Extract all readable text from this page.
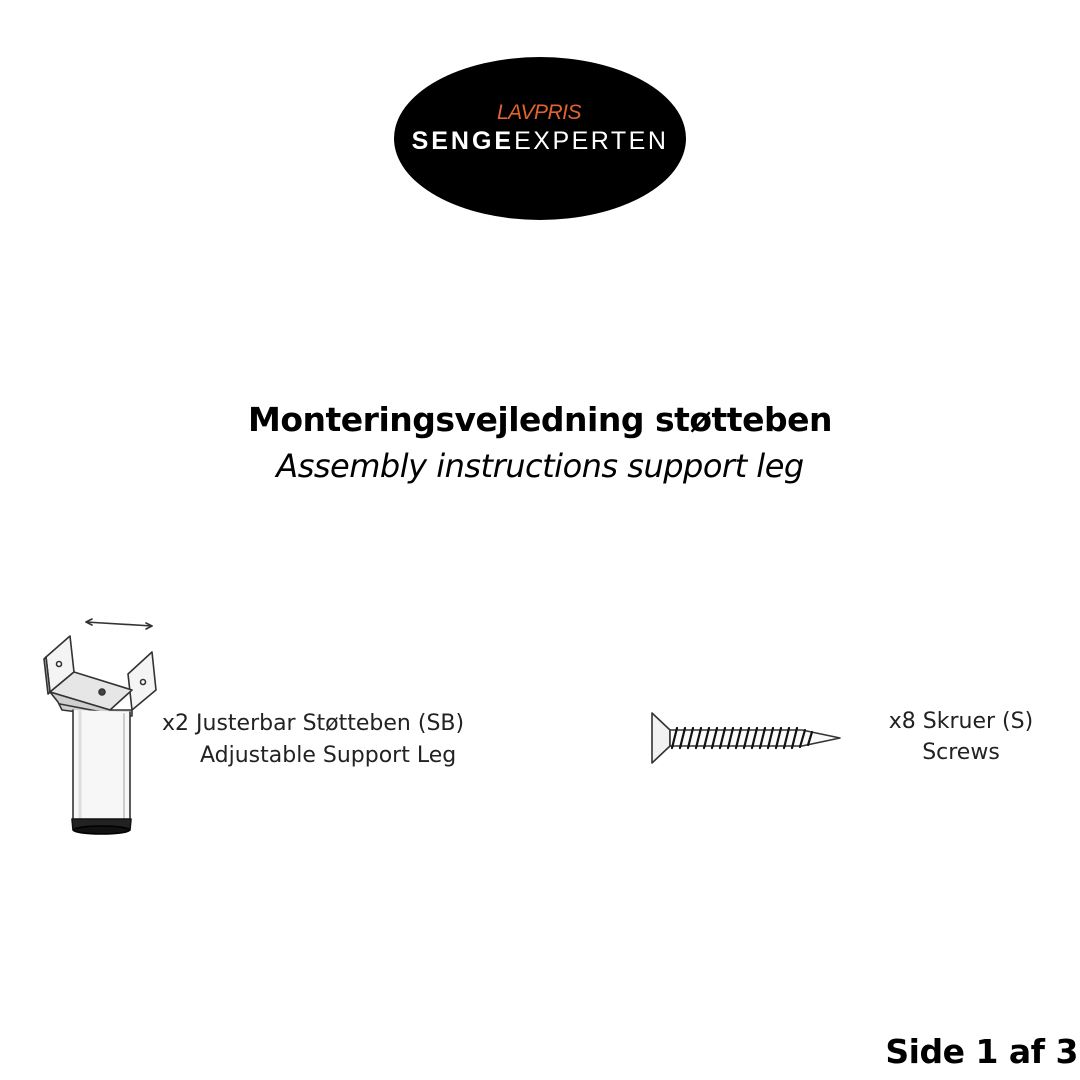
LAVPRIS
SENGEEXPERTEN
Monteringsvejledning støtteben
Assembly instructions support leg
x2 Justerbar Støtteben (SB)
Adjustable Support Leg
x8 Skruer (S)
Screws
Side 1 af 3
